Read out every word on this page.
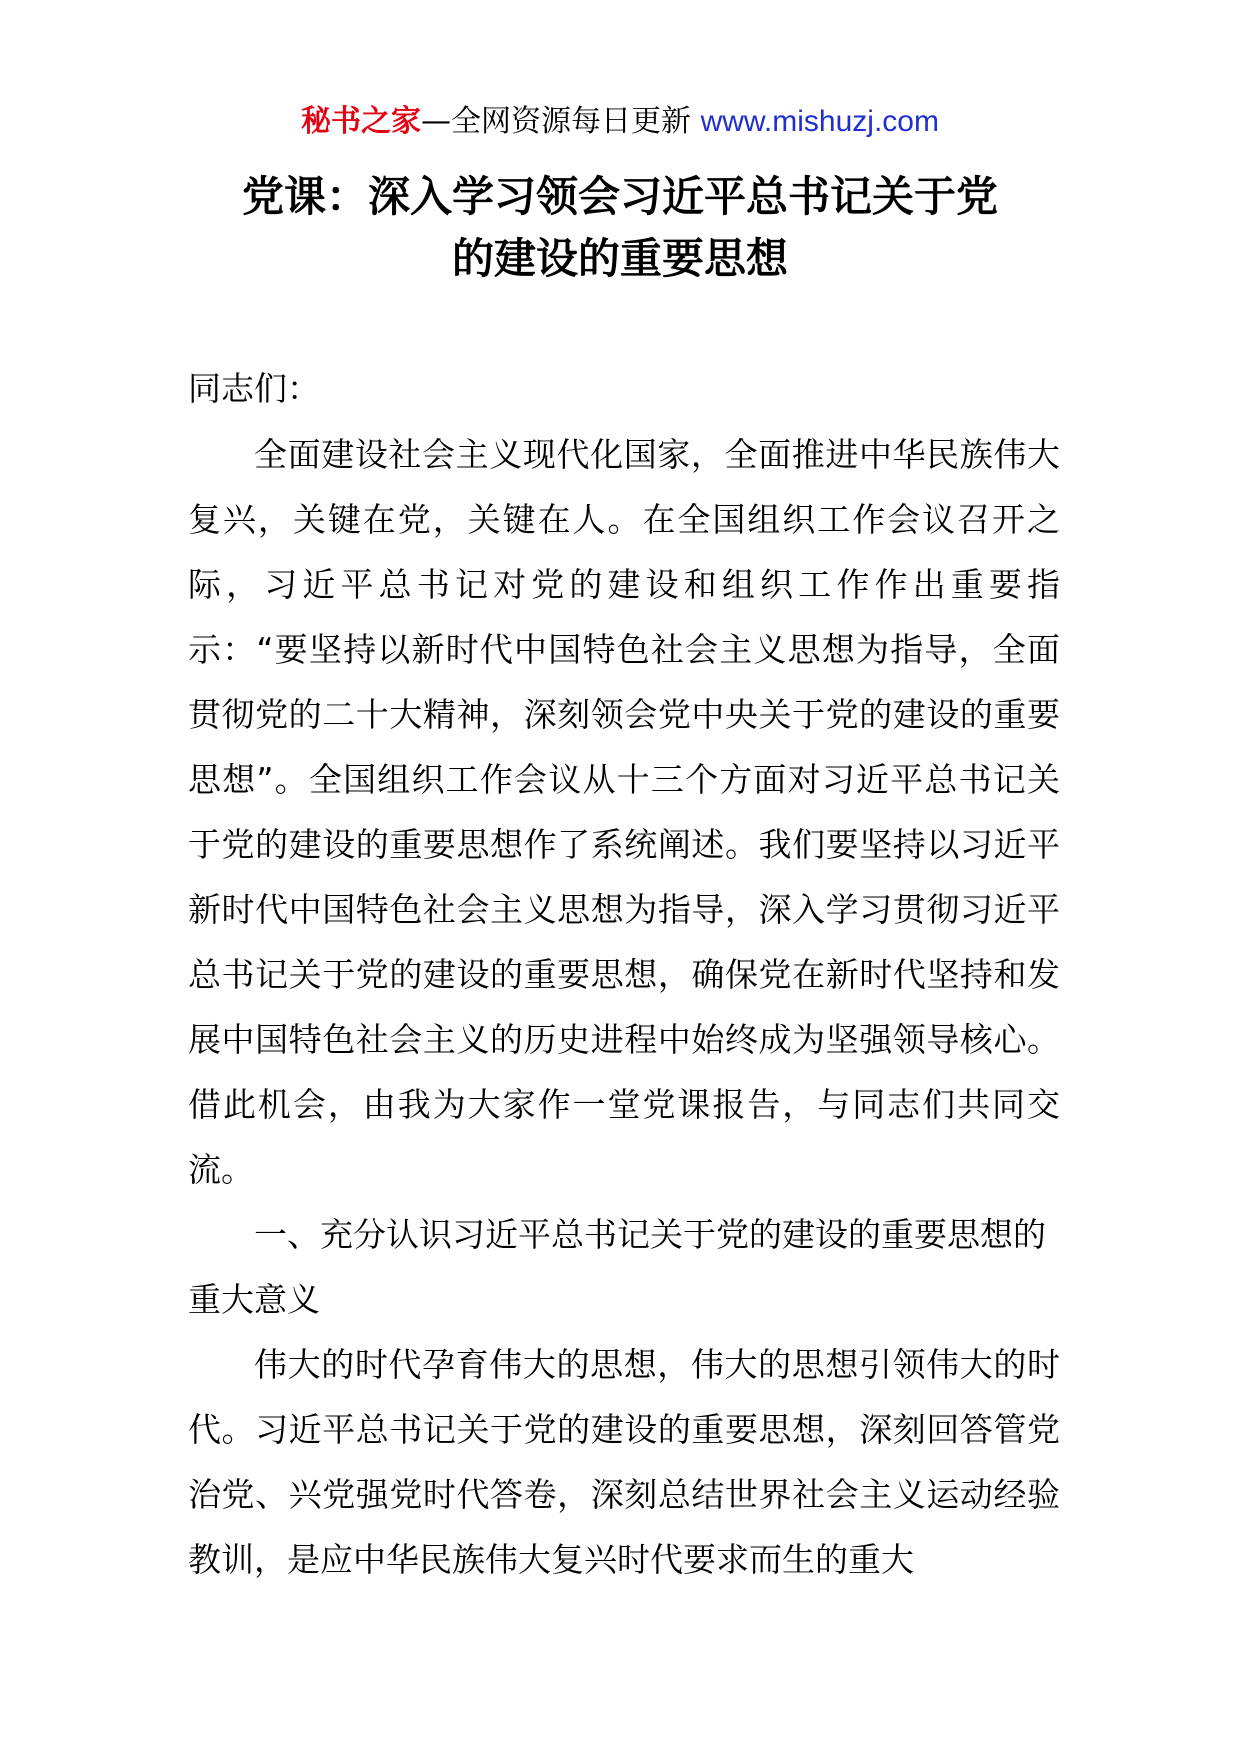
秘书之家—全网资源每日更新 www.mishuzj.com
党课：深入学习领会习近平总书记关于党
的建设的重要思想

同志们：

全面建设社会主义现代化国家，全面推进中华民族伟大复兴，关键在党，关键在人。在全国组织工作会议召开之际，习近平总书记对党的建设和组织工作作出重要指示：“要坚持以新时代中国特色社会主义思想为指导，全面贯彻党的二十大精神，深刻领会党中央关于党的建设的重要思想”。全国组织工作会议从十三个方面对习近平总书记关于党的建设的重要思想作了系统阐述。我们要坚持以习近平新时代中国特色社会主义思想为指导，深入学习贯彻习近平总书记关于党的建设的重要思想，确保党在新时代坚持和发展中国特色社会主义的历史进程中始终成为坚强领导核心。借此机会，由我为大家作一堂党课报告，与同志们共同交流。

一、充分认识习近平总书记关于党的建设的重要思想的重大意义

伟大的时代孕育伟大的思想，伟大的思想引领伟大的时代。习近平总书记关于党的建设的重要思想，深刻回答管党治党、兴党强党时代答卷，深刻总结世界社会主义运动经验教训，是应中华民族伟大复兴时代要求而生的重大
